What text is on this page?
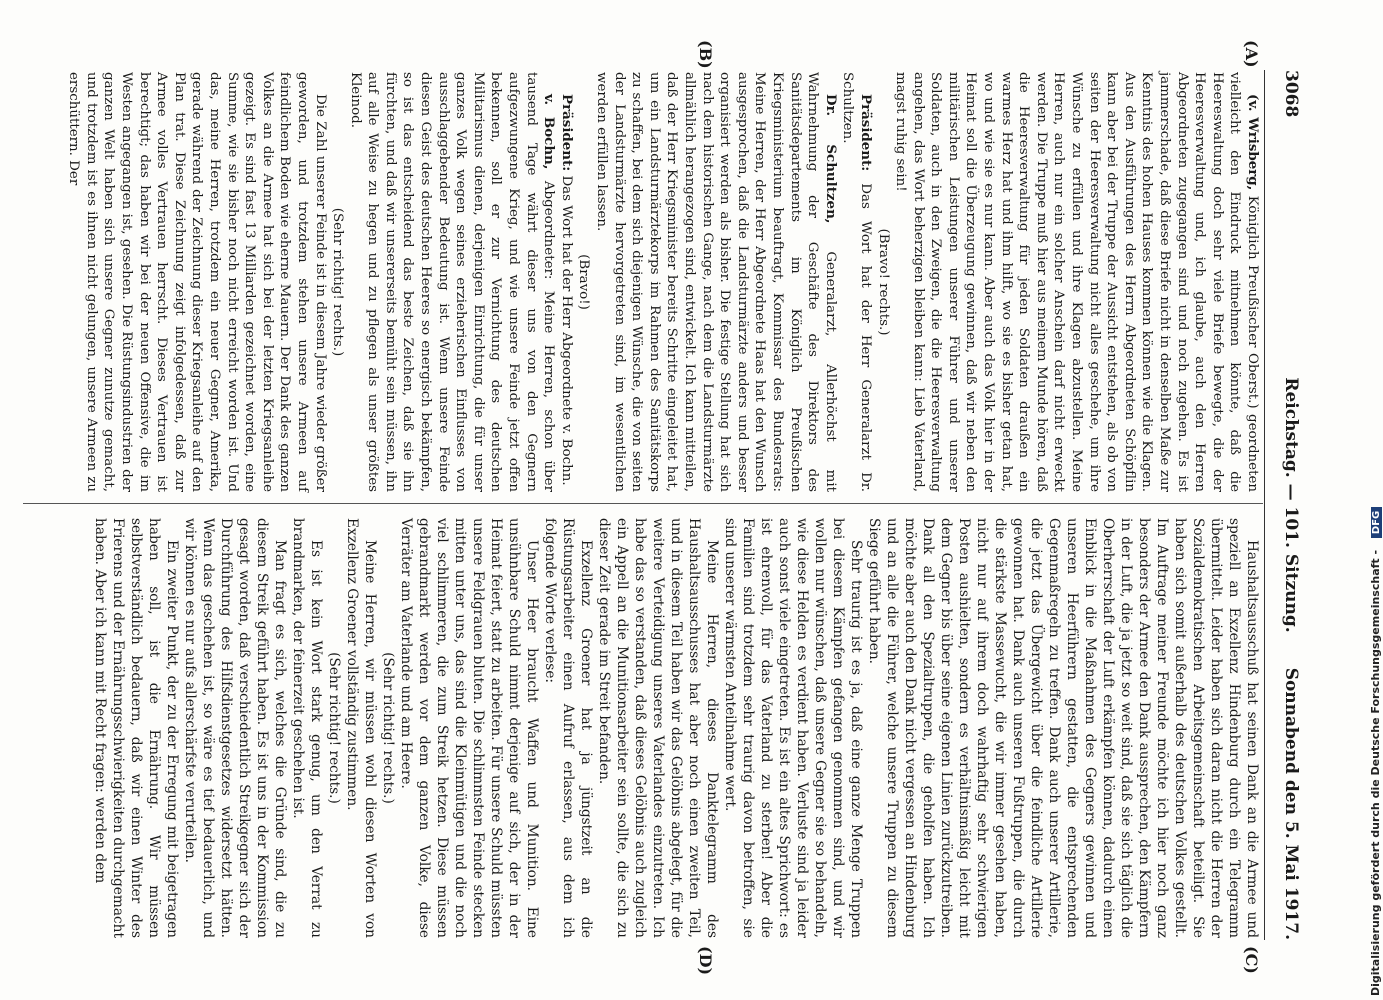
3068
Reichstag. — 101. Sitzung.
Sonnabend den 5. Mai 1917.
(A)
(B)
(C)
(D)

(v. Wrisberg, Königlich Preußischer Oberst.) geordneten vielleicht den Eindruck mitnehmen könnte, daß die Heereswaltung doch sehr viele Briefe bewegte, die der Heeresverwaltung und, ich glaube, auch den Herren Abgeordneten zugegangen sind und noch zugehen. Es ist jammerschade, daß diese Briefe nicht in denselben Maße zur Kenntnis des hohen Hauses kommen können wie die Klagen. Aus den Ausführungen des Herrn Abgeordneten Schöpflin kann aber bei der Truppe der Aussicht entstehen, als ob von seiten der Heeresverwaltung nicht alles geschehe, um ihre Wünsche zu erfüllen und ihre Klagen abzustellen. Meine Herren, auch nur ein solcher Anschein darf nicht erweckt werden. Die Truppe muß hier aus meinem Munde hören, daß die Heeresverwaltung für jeden Soldaten draußen ein warmes Herz hat und ihm hilft, wo sie es bisher getan hat, wo und wie sie es nur kann. Aber auch das Volk hier in der Heimat soll die Überzeugung gewinnen, daß wir neben den militärischen Leistungen unserer Führer und unserer Soldaten, auch in den Zweigen, die die Heeresverwaltung angehen, das Wort beherzigen bleiben kann: Lieb Vaterland, magst ruhig sein!

(Bravo! rechts.)

Präsident: Das Wort hat der Herr Generalarzt Dr. Schultzen.

Dr. Schultzen, Generalarzt, Allerhöchst mit Wahrnehmung der Geschäfte des Direktors des Sanitätsdepartements im Königlich Preußischen Kriegsministerium beauftragt, Kommissar des Bundesrats: Meine Herren, der Herr Abgeordnete Haas hat den Wunsch ausgesprochen, daß die Landsturmärzte anders und besser organisiert werden als bisher. Die festige Stellung hat sich nach dem historischen Gange, nach dem die Landsturmärzte allmählich herangezogen sind, entwickelt. Ich kann mitteilen, daß der Herr Kriegsminister bereits Schritte eingeleitet hat, um ein Landsturmärztekorps im Rahmen des Sanitätskorps zu schaffen, bei dem sich diejenigen Wünsche, die von seiten der Landsturmärzte hervorgetreten sind, im wesentlichen werden erfüllen lassen.

(Bravo!)

Präsident: Das Wort hat der Herr Abgeordnete v. Bochn.

v. Bochn, Abgeordneter: Meine Herren, schon über tausend Tage währt dieser uns von den Gegnern aufgezwungene Krieg, und wie unsere Feinde jetzt offen bekennen, soll er zur Vernichtung des deutschen Militarismus dienen, derjenigen Einrichtung, die für unser ganzes Volk wegen seines erzieherischen Einflusses von ausschlaggebender Bedeutung ist. Wenn unsere Feinde diesen Geist des deutschen Heeres so energisch bekämpfen, so ist das entscheidend das beste Zeichen, daß sie ihn fürchten, und daß wir unsererseits bemüht sein müssen, ihn auf alle Weise zu hegen und zu pflegen als unser größtes Kleinod.

(Sehr richtig! rechts.)

Die Zahl unserer Feinde ist in diesem Jahre wieder größer geworden, und trotzdem stehen unsere Armeen auf feindlichem Boden wie eherne Mauern. Der Dank des ganzen Volkes an die Armee hat sich bei der letzten Kriegsanleihe gezeigt. Es sind fast 13 Milliarden gezeichnet worden, eine Summe, wie sie bisher noch nicht erreicht worden ist. Und das, meine Herren, trotzdem ein neuer Gegner, Amerika, gerade während der Zeichnung dieser Kriegsanleihe auf den Plan trat. Diese Zeichnung zeigt infolgedessen, daß zur Armee volles Vertrauen herrscht. Dieses Vertrauen ist berechtigt; das haben wir bei der neuen Offensive, die im Westen angegangen ist, gesehen. Die Rüstungsindustrien der ganzen Welt haben sich unsere Gegner zunutze gemacht, und trotzdem ist es ihnen nicht gelungen, unsere Armeen zu erschüttern. Der

Haushaltsausschuß hat seinen Dank an die Armee und speziell an Exzellenz Hindenburg durch ein Telegramm übermittelt. Leider haben sich daran nicht die Herren der Sozialdemokratischen Arbeitsgemeinschaft beteiligt. Sie haben sich somit außerhalb des deutschen Volkes gestellt. Im Auftrage meiner Freunde möchte ich hier noch ganz besonders der Armee den Dank aussprechen, den Kämpfern in der Luft, die ja jetzt so weit sind, daß sie sich täglich die Oberherrschaft der Luft erkämpfen können, dadurch einen Einblick in die Maßnahmen des Gegners gewinnen und unseren Heerführern gestatten, die entsprechenden Gegenmaßregeln zu treffen. Dank auch unserer Artillerie, die jetzt das Übergewicht über die feindliche Artillerie gewonnen hat. Dank auch unseren Fußtruppen, die durch die stärkste Massewucht, die wir immer gesehen haben, nicht nur auf ihrem doch wahrhaftig sehr schwierigen Posten aushielten, sondern es verhältnismäßig leicht mit dem Gegner bis über seine eigenen Linien zurückzutreiben. Dank all den Spezialtruppen, die geholfen haben. Ich möchte aber auch den Dank nicht vergessen an Hindenburg und an alle die Führer, welche unsere Truppen zu diesem Siege geführt haben.

Sehr traurig ist es ja, daß eine ganze Menge Truppen bei diesem Kämpfen gefangen genommen sind, und wir wollen nur wünschen, daß unsere Gegner sie so behandeln, wie diese Helden es verdient haben. Verluste sind ja leider auch sonst viele eingetreten. Es ist ein altes Sprichwort: es ist ehrenvoll, für das Vaterland zu sterben! Aber die Familien sind trotzdem sehr traurig davon betroffen, sie sind unserer wärmsten Anteilnahme wert.

Meine Herren, dieses Danktelegramm des Haushaltsausschusses hat aber noch einen zweiten Teil, und in diesem Teil haben wir das Gelöbnis abgelegt, für die weitere Verteidigung unseres Vaterlandes einzutreten. Ich habe das so verstanden, daß dieses Gelöbnis auch zugleich ein Appell an die Munitionsarbeiter sein sollte, die sich zu dieser Zeit gerade im Streit befanden.

Exzellenz Groener hat ja jüngstzeit an die Rüstungsarbeiter einen Aufruf erlassen, aus dem ich folgende Worte verlese:

Unser Heer braucht Waffen und Munition. Eine unsühnbare Schuld nimmt derjenige auf sich, der in der Heimat feiert, statt zu arbeiten. Für unsere Schuld müssten unsere Feldgrauen bluten. Die schlimmsten Feinde stecken mitten unter uns, das sind die Kleinmütigen und die noch viel schlimmeren, die zum Streik hetzen. Diese müssen gebrandmarkt werden vor dem ganzen Volke, diese Verräter am Vaterlande und am Heere.

(Sehr richtig! rechts.)

Meine Herren, wir müssen wohl diesen Worten von Exzellenz Groener vollständig zustimmen.

(Sehr richtig! rechts.)

Es ist kein Wort stark genug, um den Verrat zu brandmarken, der feinerzeit geschehen ist.

Man fragt es sich, welches die Gründe sind, die zu diesem Streik geführt haben. Es ist uns in der Kommission gesagt worden, daß verschiedentlich Streikgegner sich der Durchführung des Hilfsdienstgesetzes widersetzt hätten. Wenn das geschehen ist, so wäre es tief bedauerlich, und wir können es nur aufs allerschärfste verurteilen.

Ein zweiter Punkt, der zu der Erregung mit beigetragen haben soll, ist die Ernährung. Wir müssen selbstverständlich bedauern, daß wir einen Winter des Frierens und der Ernährungsschwierigkeiten durchgemacht haben. Aber ich kann mit Recht fragen: werden dem	Digitalisierung gefördert durch die Deutsche Forschungsgemeinschaft - DFG
